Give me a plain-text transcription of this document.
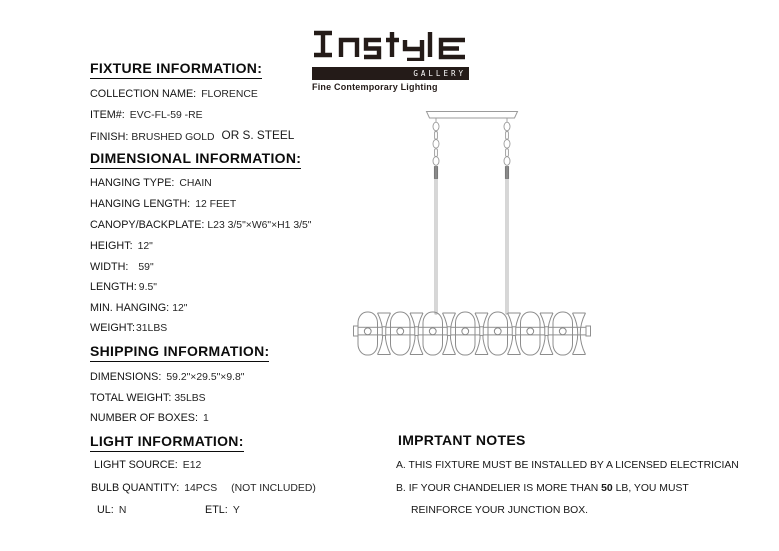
GALLERY
Fine Contemporary Lighting
FIXTURE INFORMATION:
COLLECTION NAME: FLORENCE
ITEM#: EVC-FL-59 -RE
FINISH: BRUSHED GOLD OR S. STEEL
DIMENSIONAL INFORMATION:
HANGING TYPE: CHAIN
HANGING LENGTH: 12 FEET
CANOPY/BACKPLATE: L23 3/5"×W6"×H1 3/5"
HEIGHT: 12"
WIDTH: 59"
LENGTH: 9.5"
MIN. HANGING: 12"
WEIGHT:31LBS
SHIPPING INFORMATION:
DIMENSIONS: 59.2"×29.5"×9.8"
TOTAL WEIGHT: 35LBS
NUMBER OF BOXES: 1
LIGHT INFORMATION:
LIGHT SOURCE: E12
BULB QUANTITY: 14PCS (NOT INCLUDED)
UL: N	ETL: Y
IMPRTANT NOTES
A. THIS FIXTURE MUST BE INSTALLED BY A LICENSED ELECTRICIAN
B. IF YOUR CHANDELIER IS MORE THAN 50 LB, YOU MUST
REINFORCE YOUR JUNCTION BOX.
